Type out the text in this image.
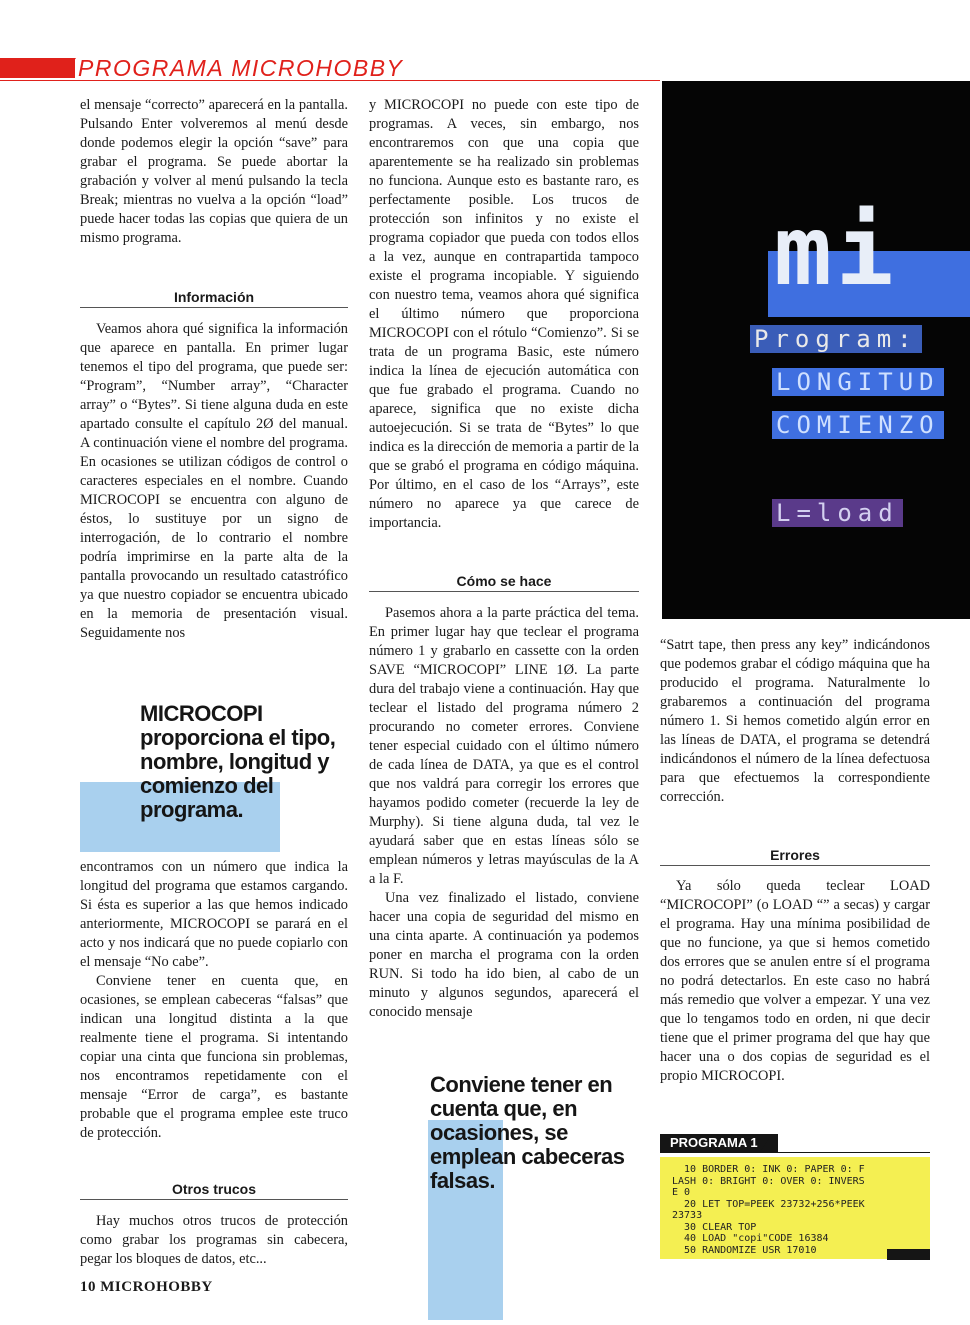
PROGRAMA MICROHOBBY

el mensaje “correcto” aparecerá en la pantalla. Pulsando Enter volveremos al menú desde donde podemos elegir la opción “save” para grabar el programa. Se puede abortar la grabación y volver al menú pulsando la tecla Break; mientras no vuelva a la opción “load” puede hacer todas las copias que quiera de un mismo programa.

Información

Veamos ahora qué significa la información que aparece en pantalla. En primer lugar tenemos el tipo del programa, que puede ser: “Program”, “Number array”, “Character array” o “Bytes”. Si tiene alguna duda en este apartado consulte el capítulo 2Ø del manual. A continuación viene el nombre del programa. En ocasiones se utilizan códigos de control o caracteres especiales en el nombre. Cuando MICROCOPI se encuentra con alguno de éstos, lo sustituye por un signo de interrogación, de lo contrario el nombre podría imprimirse en la parte alta de la pantalla provocando un resultado catastrófico ya que nuestro copiador se encuentra ubicado en la memoria de presentación visual. Seguidamente nos

MICROCOPI proporciona el tipo, nombre, longitud y comienzo del programa.

encontramos con un número que indica la longitud del programa que estamos cargando. Si ésta es superior a las que hemos indicado anteriormente, MICROCOPI se parará en el acto y nos indicará que no puede copiarlo con el mensaje “No cabe”.

Conviene tener en cuenta que, en ocasiones, se emplean cabeceras “falsas” que indican una longitud distinta a la que realmente tiene el programa. Si intentando copiar una cinta que funciona sin problemas, nos encontramos repetidamente con el mensaje “Error de carga”, es bastante probable que el programa emplee este truco de protección.

Otros trucos

Hay muchos otros trucos de protección como grabar los programas sin cabecera, pegar los bloques de datos, etc...

y MICROCOPI no puede con este tipo de programas. A veces, sin embargo, nos encontraremos con que una copia que aparentemente se ha realizado sin problemas no funciona. Aunque esto es bastante raro, es perfectamente posible. Los trucos de protección son infinitos y no existe el programa copiador que pueda con todos ellos a la vez, aunque en contrapartida tampoco existe el programa incopiable. Y siguiendo con nuestro tema, veamos ahora qué significa el último número que proporciona MICROCOPI con el rótulo “Comienzo”. Si se trata de un programa Basic, este número indica la línea de ejecución automática con que fue grabado el programa. Cuando no aparece, significa que no existe dicha autoejecución. Si se trata de “Bytes” lo que indica es la dirección de memoria a partir de la que se grabó el programa en código máquina. Por último, en el caso de los “Arrays”, este número no aparece ya que carece de importancia.

Cómo se hace

Pasemos ahora a la parte práctica del tema. En primer lugar hay que teclear el programa número 1 y grabarlo en cassette con la orden SAVE “MICROCOPI” LINE 1Ø. La parte dura del trabajo viene a continuación. Hay que teclear el listado del programa número 2 procurando no cometer errores. Conviene tener especial cuidado con el último número de cada línea de DATA, ya que es el control que nos valdrá para corregir los errores que hayamos podido cometer (recuerde la ley de Murphy). Si tiene alguna duda, tal vez le ayudará saber que en estas líneas sólo se emplean números y letras mayúsculas de la A a la F.

Una vez finalizado el listado, conviene hacer una copia de seguridad del mismo en una cinta aparte. A continuación ya podemos poner en marcha el programa con la orden RUN. Si todo ha ido bien, al cabo de un minuto y algunos segundos, aparecerá el conocido mensaje

Conviene tener en cuenta que, en ocasiones, se emplean cabeceras falsas.
mi
Program:
LONGITUD
COMIENZO
L=load

“Satrt tape, then press any key” indicándonos que podemos grabar el código máquina que ha producido el programa. Naturalmente lo grabaremos a continuación del programa número 1. Si hemos cometido algún error en las líneas de DATA, el programa se detendrá indicándonos el número de la línea defectuosa para que efectuemos la correspondiente corrección.

Errores

Ya sólo queda teclear LOAD “MICROCOPI” (o LOAD “” a secas) y cargar el programa. Hay una mínima posibilidad de que no funcione, ya que si hemos cometido dos errores que se anulen entre sí el programa no podrá detectarlos. En este caso no habrá más remedio que volver a empezar. Y una vez que lo tengamos todo en orden, ni que decir tiene que el primer programa del que hay que hacer una o dos copias de seguridad es el propio MICROCOPI.

PROGRAMA 1
10 BORDER 0: INK 0: PAPER 0: F
LASH 0: BRIGHT 0: OVER 0: INVERS
E 0
20 LET TOP=PEEK 23732+256*PEEK
23733
30 CLEAR TOP
40 LOAD "copi"CODE 16384
50 RANDOMIZE USR 17010
10 MICROHOBBY
